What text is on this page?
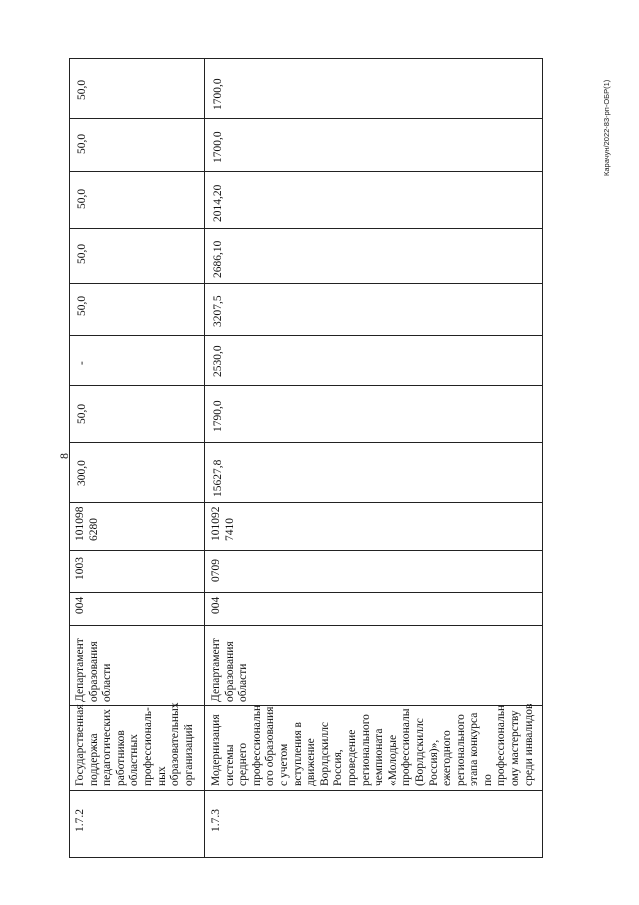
8
Карачун/2022-83-рп-ОБР(1)
1.7.2
Государственная
поддержка
педагогических
работников
областных
профессиональ-
ных
образовательных
организаций
Департамент
образования
области
004
1003
101098
6280
300,0
50,0
-
50,0
50,0
50,0
50,0
50,0
1.7.3
Модернизация
системы
среднего
профессиональн
ого образования
с учетом
вступления в
движение
Ворлдскиллс
Россия,
проведение
регионального
чемпионата
«Молодые
профессионалы
(Ворлдскиллс
Россия)»,
ежегодного
регионального
этапа конкурса
по
профессиональн
ому мастерству
среди инвалидов
Департамент
образования
области
004
0709
101092
7410
15627,8
1790,0
2530,0
3207,5
2686,10
2014,20
1700,0
1700,0
